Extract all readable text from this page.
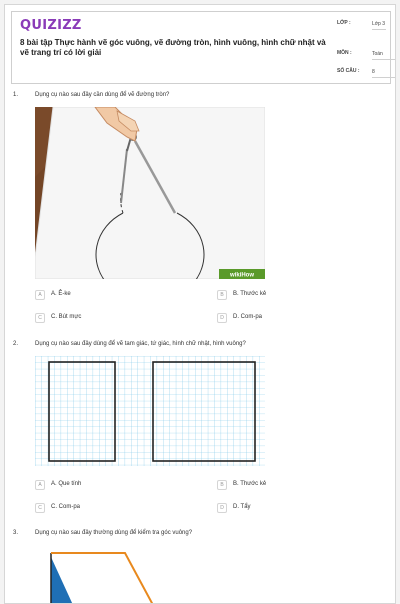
QUIZIZZ
8 bài tập Thực hành vẽ góc vuông, vẽ đường tròn, hình vuông, hình chữ nhật và vẽ trang trí có lời giải
LỚP :	Lớp 3
MÔN :	Toán
SỐ CÂU :	8
1.	Dụng cụ nào sau đây cần dùng để vẽ đường tròn?
wikiHow
A	A. Ê-ke	B	B. Thước kẻ
C	C. Bút mực	D	D. Com-pa
2.	Dụng cụ nào sau đây dùng để vẽ tam giác, tứ giác, hình chữ nhật, hình vuông?
A	A. Que tính	B	B. Thước kẻ
C	C. Com-pa	D	D. Tẩy
3.	Dụng cụ nào sau đây thường dùng để kiểm tra góc vuông?
